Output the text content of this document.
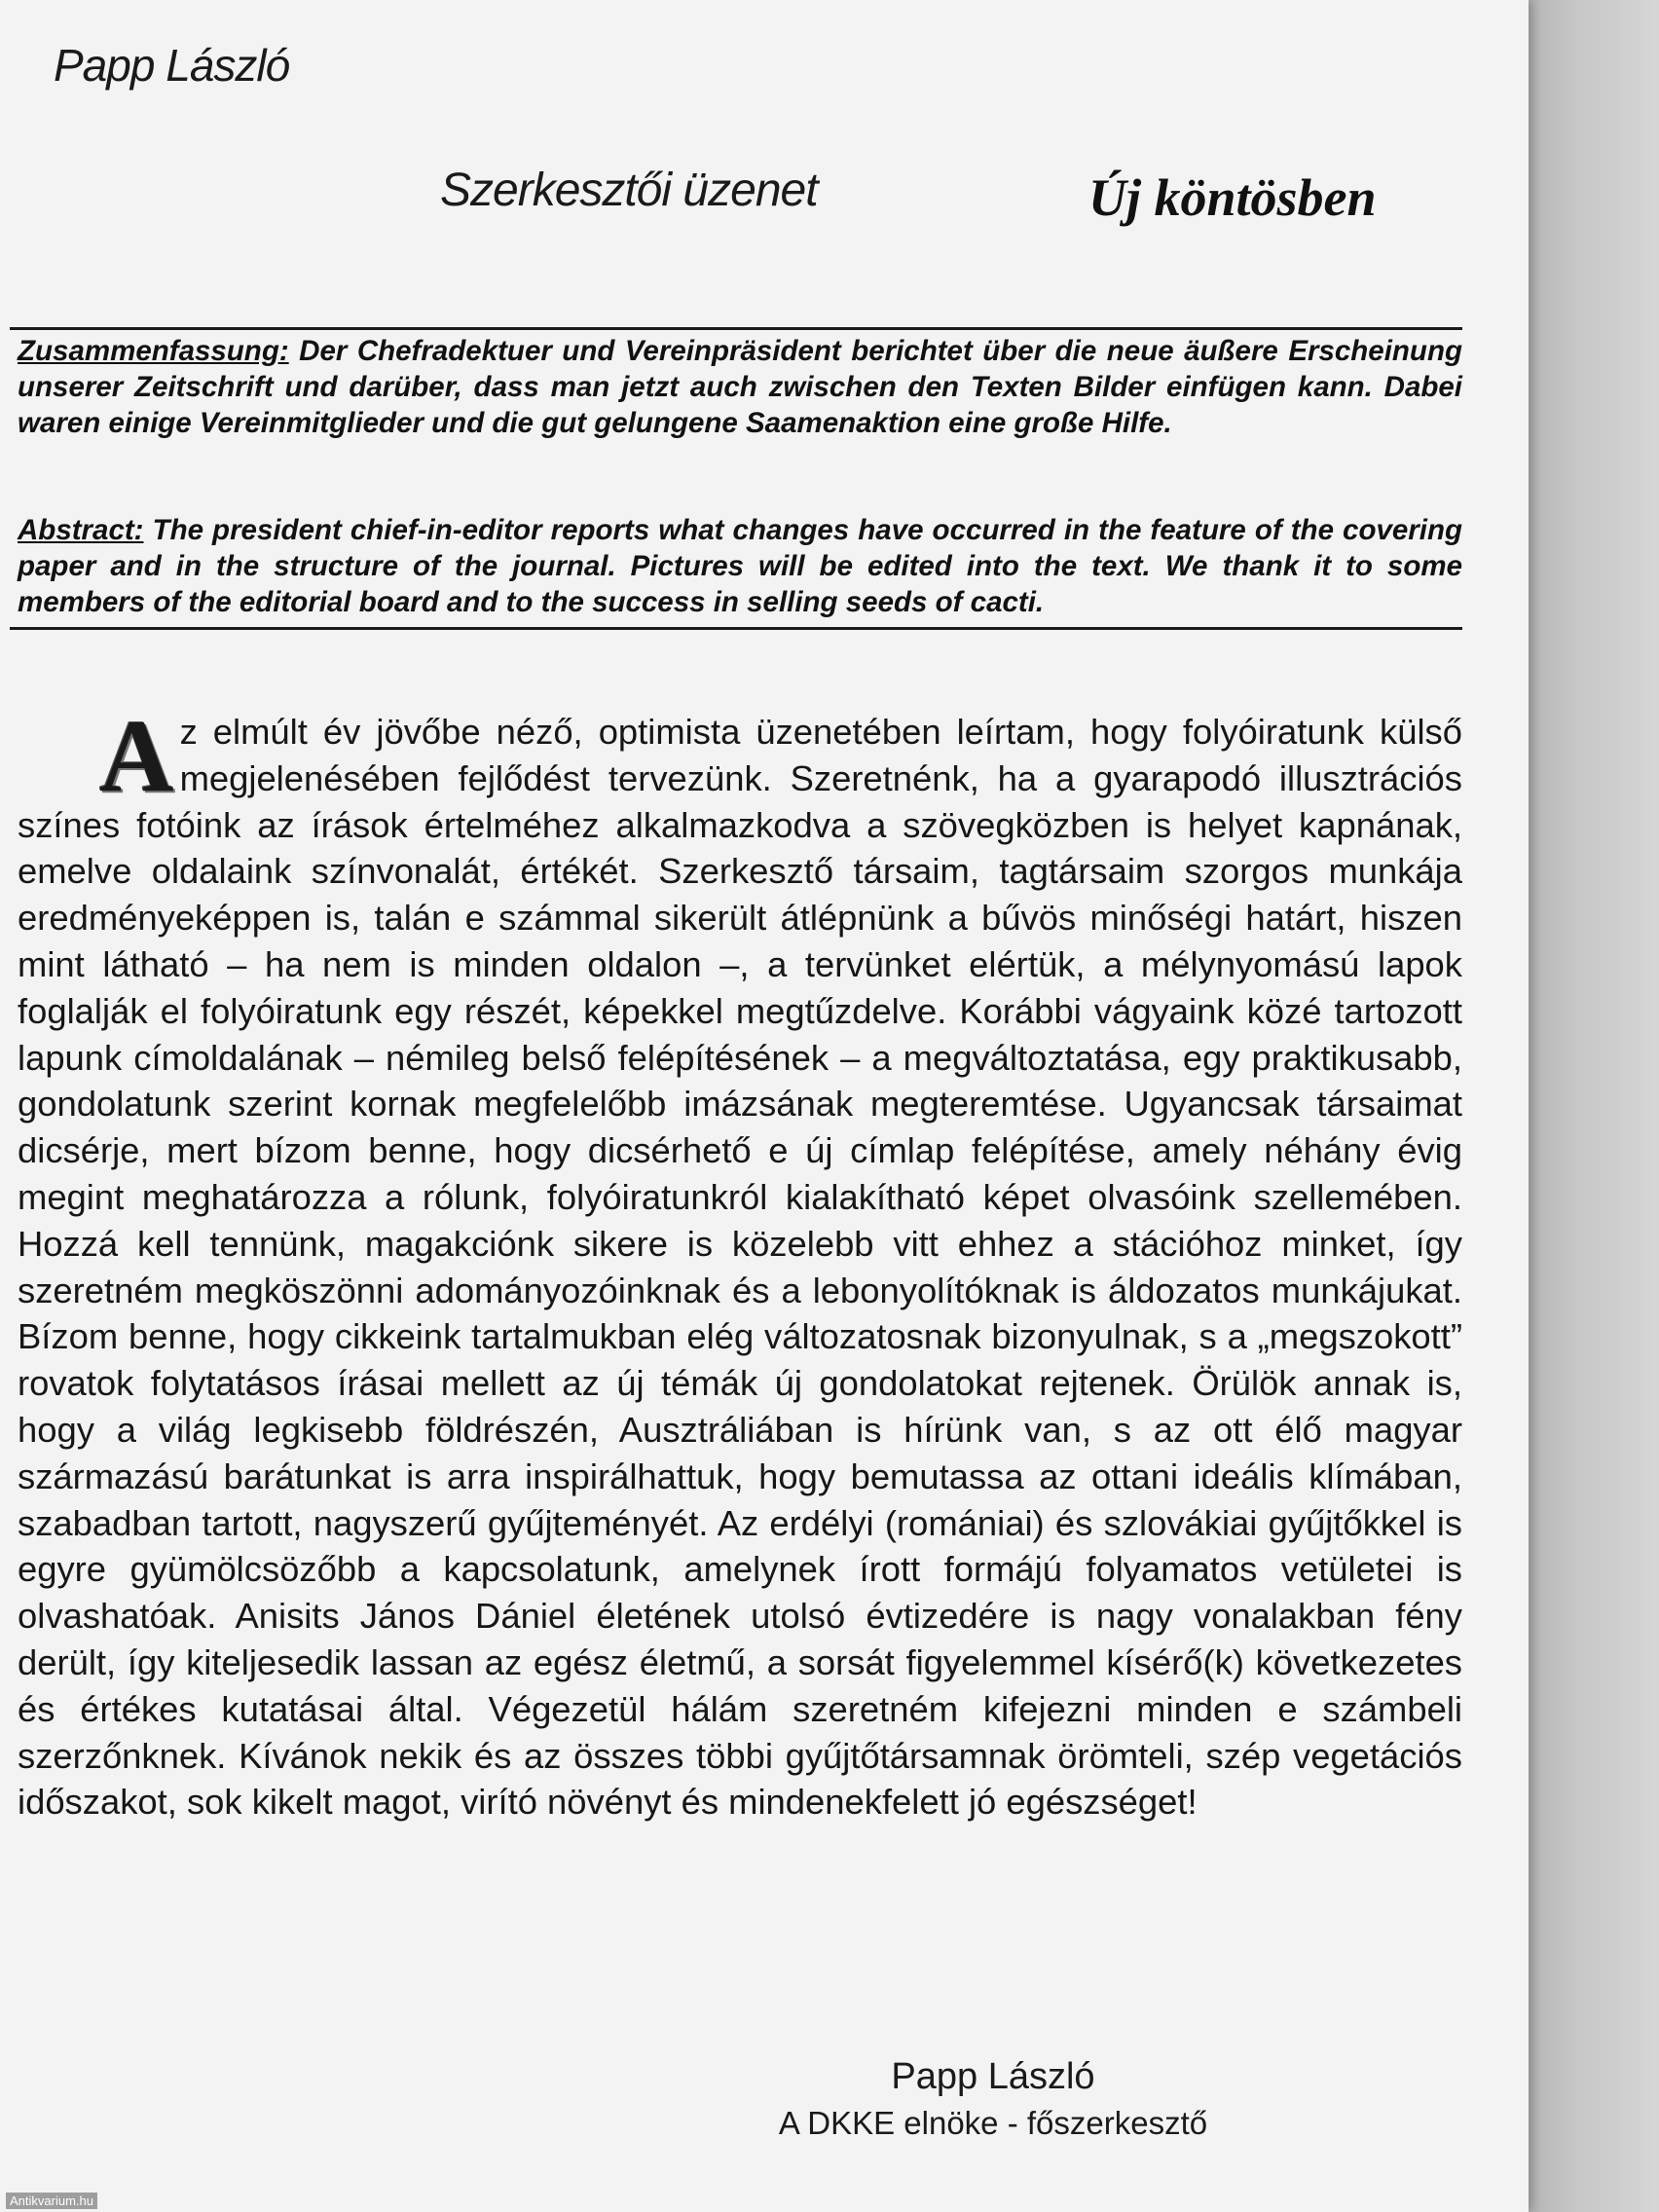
Papp László
Szerkesztői üzenet	Új köntösben
Zusammenfassung: Der Chefradektuer und Vereinpräsident berichtet über die neue äußere Erscheinung unserer Zeitschrift und darüber, dass man jetzt auch zwischen den Texten Bilder einfügen kann. Dabei waren einige Vereinmitglieder und die gut gelungene Saamenaktion eine große Hilfe.
Abstract: The president chief-in-editor reports what changes have occurred in the feature of the covering paper and in the structure of the journal. Pictures will be edited into the text. We thank it to some members of the editorial board and to the success in selling seeds of cacti.
Az elmúlt év jövőbe néző, optimista üzenetében leírtam, hogy folyóiratunk külső megjelenésében fejlődést tervezünk. Szeretnénk, ha a gyarapodó illusztrációs színes fotóink az írások értelméhez alkalmazkodva a szövegközben is helyet kapnának, emelve oldalaink színvonalát, értékét. Szerkesztő társaim, tagtársaim szorgos munkája eredményeképpen is, talán e számmal sikerült átlépnünk a bűvös minőségi határt, hiszen mint látható – ha nem is minden oldalon –, a tervünket elértük, a mélynyomású lapok foglalják el folyóiratunk egy részét, képekkel megtűzdelve. Korábbi vágyaink közé tartozott lapunk címoldalának – némileg belső felépítésének – a megváltoztatása, egy praktikusabb, gondolatunk szerint kornak megfelelőbb imázsának megteremtése. Ugyancsak társaimat dicsérje, mert bízom benne, hogy dicsérhető e új címlap felépítése, amely néhány évig megint meghatározza a rólunk, folyóiratunkról kialakítható képet olvasóink szellemében. Hozzá kell tennünk, magakciónk sikere is közelebb vitt ehhez a stációhoz minket, így szeretném megköszönni adományozóinknak és a lebonyolítóknak is áldozatos munkájukat. Bízom benne, hogy cikkeink tartalmukban elég változatosnak bizonyulnak, s a „megszokott” rovatok folytatásos írásai mellett az új témák új gondolatokat rejtenek. Örülök annak is, hogy a világ legkisebb földrészén, Ausztráliában is hírünk van, s az ott élő magyar származású barátunkat is arra inspirálhattuk, hogy bemutassa az ottani ideális klímában, szabadban tartott, nagyszerű gyűjteményét. Az erdélyi (romániai) és szlovákiai gyűjtőkkel is egyre gyümölcsözőbb a kapcsolatunk, amelynek írott formájú folyamatos vetületei is olvashatóak. Anisits János Dániel életének utolsó évtizedére is nagy vonalakban fény derült, így kiteljesedik lassan az egész életmű, a sorsát figyelemmel kísérő(k) következetes és értékes kutatásai által. Végezetül hálám szeretném kifejezni minden e számbeli szerzőnknek. Kívánok nekik és az összes többi gyűjtőtársamnak örömteli, szép vegetációs időszakot, sok kikelt magot, virító növényt és mindenekfelett jó egészséget!
Papp László
A DKKE elnöke - főszerkesztő
Antikvarium.hu
